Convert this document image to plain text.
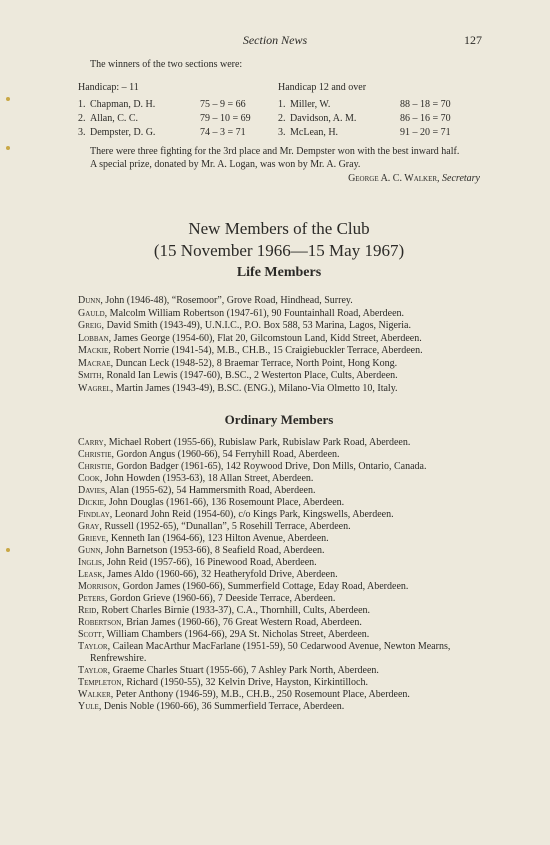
Section News	127
The winners of the two sections were:
Handicap: – 11
1. Chapman, D. H.	75 – 9 = 66
2. Allan, C. C.	79 – 10 = 69
3. Dempster, D. G.	74 – 3 = 71
Handicap 12 and over
1. Miller, W.	88 – 18 = 70
2. Davidson, A. M.	86 – 16 = 70
3. McLean, H.	91 – 20 = 71

There were three fighting for the 3rd place and Mr. Dempster won with the best inward half.

A special prize, donated by Mr. A. Logan, was won by Mr. A. Gray.

George A. C. Walker, Secretary
New Members of the Club
(15 November 1966—15 May 1967)
Life Members

Dunn, John (1946-48), “Rosemoor”, Grove Road, Hindhead, Surrey.

Gauld, Malcolm William Robertson (1947-61), 90 Fountainhall Road, Aberdeen.

Greig, David Smith (1943-49), U.N.I.C., P.O. Box 588, 53 Marina, Lagos, Nigeria.

Lobban, James George (1954-60), Flat 20, Gilcomstoun Land, Kidd Street, Aberdeen.

Mackie, Robert Norrie (1941-54), M.B., CH.B., 15 Craigiebuckler Terrace, Aberdeen.

Macrae, Duncan Leck (1948-52), 8 Braemar Terrace, North Point, Hong Kong.

Smith, Ronald Ian Lewis (1947-60), B.SC., 2 Westerton Place, Cults, Aberdeen.

Wagrel, Martin James (1943-49), B.SC. (ENG.), Milano-Via Olmetto 10, Italy.

Ordinary Members

Carry, Michael Robert (1955-66), Rubislaw Park, Rubislaw Park Road, Aberdeen.

Christie, Gordon Angus (1960-66), 54 Ferryhill Road, Aberdeen.

Christie, Gordon Badger (1961-65), 142 Roywood Drive, Don Mills, Ontario, Canada.

Cook, John Howden (1953-63), 18 Allan Street, Aberdeen.

Davies, Alan (1955-62), 54 Hammersmith Road, Aberdeen.

Dickie, John Douglas (1961-66), 136 Rosemount Place, Aberdeen.

Findlay, Leonard John Reid (1954-60), c/o Kings Park, Kingswells, Aberdeen.

Gray, Russell (1952-65), “Dunallan”, 5 Rosehill Terrace, Aberdeen.

Grieve, Kenneth Ian (1964-66), 123 Hilton Avenue, Aberdeen.

Gunn, John Barnetson (1953-66), 8 Seafield Road, Aberdeen.

Inglis, John Reid (1957-66), 16 Pinewood Road, Aberdeen.

Leask, James Aldo (1960-66), 32 Heatheryfold Drive, Aberdeen.

Morrison, Gordon James (1960-66), Summerfield Cottage, Eday Road, Aberdeen.

Peters, Gordon Grieve (1960-66), 7 Deeside Terrace, Aberdeen.

Reid, Robert Charles Birnie (1933-37), C.A., Thornhill, Cults, Aberdeen.

Robertson, Brian James (1960-66), 76 Great Western Road, Aberdeen.

Scott, William Chambers (1964-66), 29A St. Nicholas Street, Aberdeen.

Taylor, Cailean MacArthur MacFarlane (1951-59), 50 Cedarwood Avenue, Newton Mearns, Renfrewshire.

Taylor, Graeme Charles Stuart (1955-66), 7 Ashley Park North, Aberdeen.

Templeton, Richard (1950-55), 32 Kelvin Drive, Hayston, Kirkintilloch.

Walker, Peter Anthony (1946-59), M.B., CH.B., 250 Rosemount Place, Aberdeen.

Yule, Denis Noble (1960-66), 36 Summerfield Terrace, Aberdeen.
